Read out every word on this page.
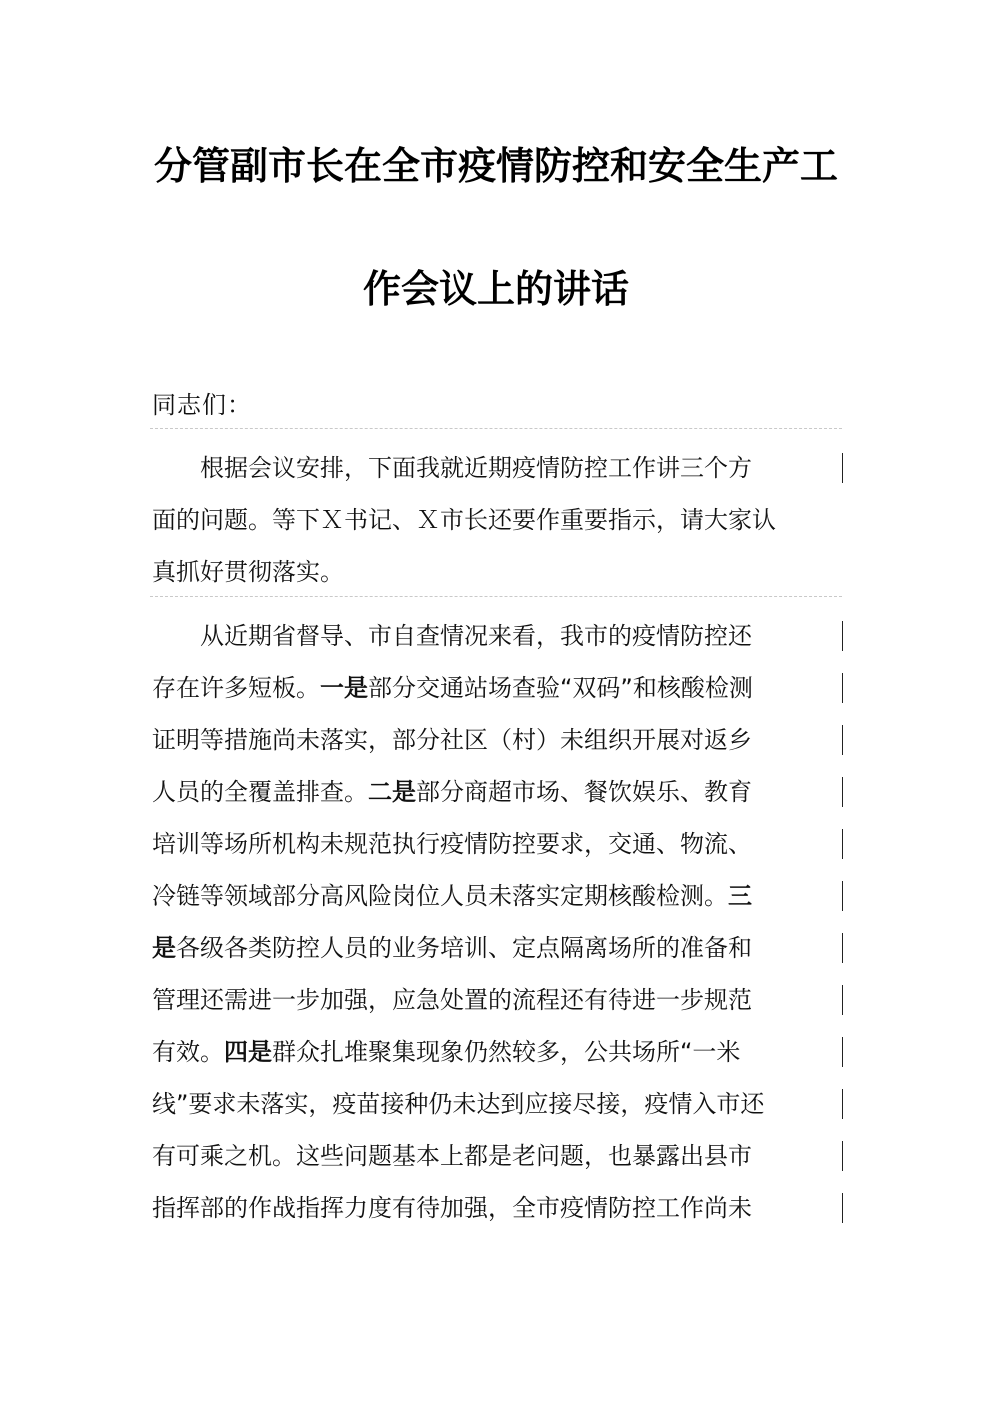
分管副市长在全市疫情防控和安全生产工
作会议上的讲话
同志们：
根据会议安排，下面我就近期疫情防控工作讲三个方
面的问题。等下Ｘ书记、Ｘ市长还要作重要指示，请大家认
真抓好贯彻落实。
从近期省督导、市自查情况来看，我市的疫情防控还
存在许多短板。一是部分交通站场查验“双码”和核酸检测
证明等措施尚未落实，部分社区（村）未组织开展对返乡
人员的全覆盖排查。二是部分商超市场、餐饮娱乐、教育
培训等场所机构未规范执行疫情防控要求，交通、物流、
冷链等领域部分高风险岗位人员未落实定期核酸检测。三
是各级各类防控人员的业务培训、定点隔离场所的准备和
管理还需进一步加强，应急处置的流程还有待进一步规范
有效。四是群众扎堆聚集现象仍然较多，公共场所“一米
线”要求未落实，疫苗接种仍未达到应接尽接，疫情入市还
有可乘之机。这些问题基本上都是老问题，也暴露出县市
指挥部的作战指挥力度有待加强，全市疫情防控工作尚未
